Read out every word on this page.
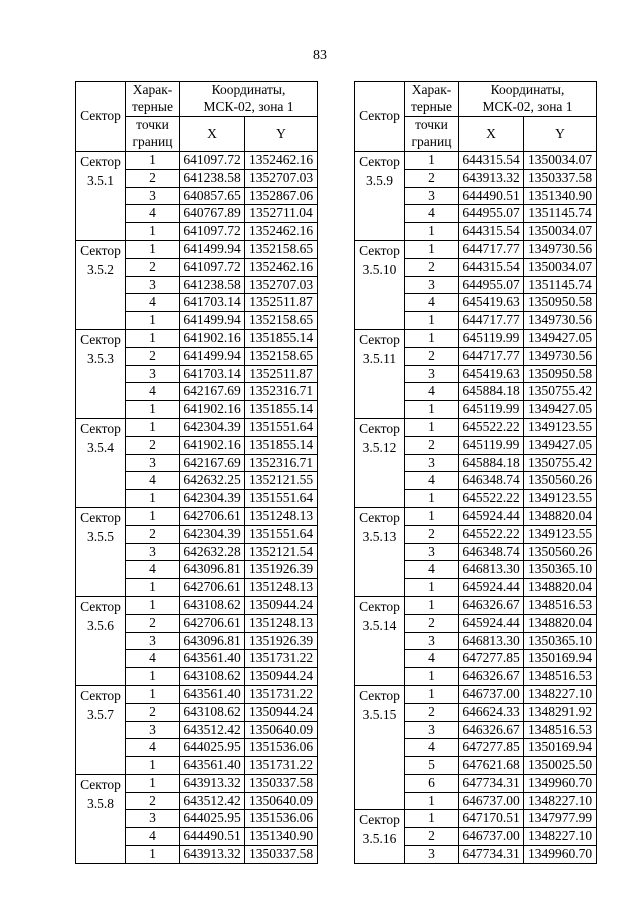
83
Сектор	Харак-
терные	Координаты,
МСК-02, зона 1	
	точки
границ	X	Y
Сектор
3.5.1	1	641097.72	1352462.16
	2	641238.58	1352707.03
	3	640857.65	1352867.06
	4	640767.89	1352711.04
	1	641097.72	1352462.16
Сектор
3.5.2	1	641499.94	1352158.65
	2	641097.72	1352462.16
	3	641238.58	1352707.03
	4	641703.14	1352511.87
	1	641499.94	1352158.65
Сектор
3.5.3	1	641902.16	1351855.14
	2	641499.94	1352158.65
	3	641703.14	1352511.87
	4	642167.69	1352316.71
	1	641902.16	1351855.14
Сектор
3.5.4	1	642304.39	1351551.64
	2	641902.16	1351855.14
	3	642167.69	1352316.71
	4	642632.25	1352121.55
	1	642304.39	1351551.64
Сектор
3.5.5	1	642706.61	1351248.13
	2	642304.39	1351551.64
	3	642632.28	1352121.54
	4	643096.81	1351926.39
	1	642706.61	1351248.13
Сектор
3.5.6	1	643108.62	1350944.24
	2	642706.61	1351248.13
	3	643096.81	1351926.39
	4	643561.40	1351731.22
	1	643108.62	1350944.24
Сектор
3.5.7	1	643561.40	1351731.22
	2	643108.62	1350944.24
	3	643512.42	1350640.09
	4	644025.95	1351536.06
	1	643561.40	1351731.22
Сектор
3.5.8	1	643913.32	1350337.58
	2	643512.42	1350640.09
	3	644025.95	1351536.06
	4	644490.51	1351340.90
	1	643913.32	1350337.58
Сектор	Харак-
терные	Координаты,
МСК-02, зона 1	
	точки
границ	X	Y
Сектор
3.5.9	1	644315.54	1350034.07
	2	643913.32	1350337.58
	3	644490.51	1351340.90
	4	644955.07	1351145.74
	1	644315.54	1350034.07
Сектор
3.5.10	1	644717.77	1349730.56
	2	644315.54	1350034.07
	3	644955.07	1351145.74
	4	645419.63	1350950.58
	1	644717.77	1349730.56
Сектор
3.5.11	1	645119.99	1349427.05
	2	644717.77	1349730.56
	3	645419.63	1350950.58
	4	645884.18	1350755.42
	1	645119.99	1349427.05
Сектор
3.5.12	1	645522.22	1349123.55
	2	645119.99	1349427.05
	3	645884.18	1350755.42
	4	646348.74	1350560.26
	1	645522.22	1349123.55
Сектор
3.5.13	1	645924.44	1348820.04
	2	645522.22	1349123.55
	3	646348.74	1350560.26
	4	646813.30	1350365.10
	1	645924.44	1348820.04
Сектор
3.5.14	1	646326.67	1348516.53
	2	645924.44	1348820.04
	3	646813.30	1350365.10
	4	647277.85	1350169.94
	1	646326.67	1348516.53
Сектор
3.5.15	1	646737.00	1348227.10
	2	646624.33	1348291.92
	3	646326.67	1348516.53
	4	647277.85	1350169.94
	5	647621.68	1350025.50
	6	647734.31	1349960.70
	1	646737.00	1348227.10
Сектор
3.5.16	1	647170.51	1347977.99
	2	646737.00	1348227.10
	3	647734.31	1349960.70
